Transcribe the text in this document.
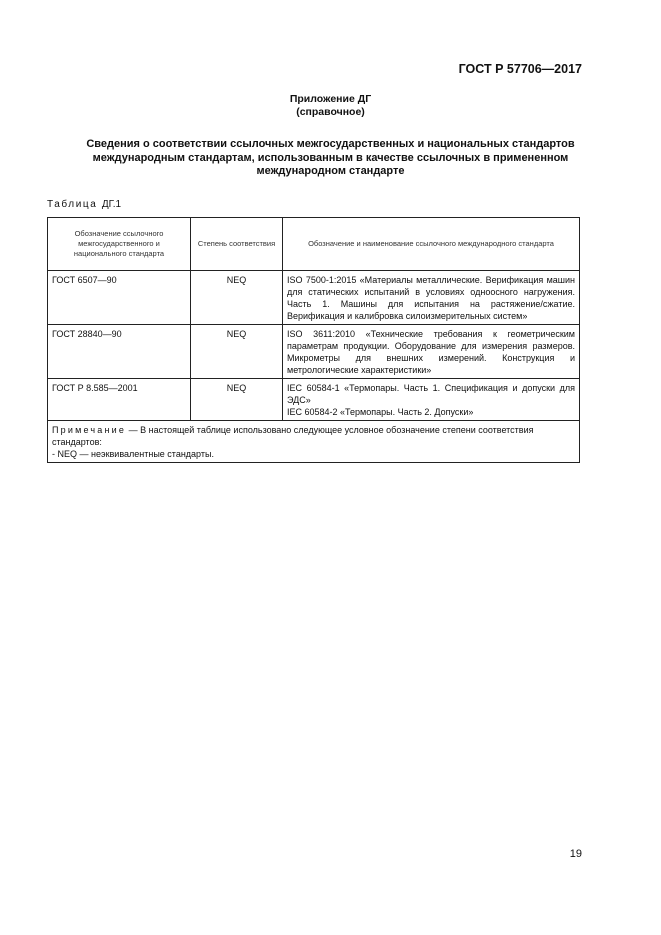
ГОСТ Р 57706—2017
Приложение ДГ
(справочное)
Сведения о соответствии ссылочных межгосударственных и национальных стандартов международным стандартам, использованным в качестве ссылочных в примененном международном стандарте
Таблица ДГ.1
Обозначение ссылочного межгосударственного и национального стандарта	Степень соответствия	Обозначение и наименование ссылочного международного стандарта
ГОСТ 6507—90	NEQ	ISO 7500-1:2015 «Материалы металлические. Верификация машин для статических испытаний в условиях одноосного нагружения. Часть 1. Машины для испытания на растяжение/сжатие. Верификация и калибровка силоизмерительных систем»

ГОСТ 28840—90	NEQ	ISO 3611:2010 «Технические требования к геометрическим параметрам продукции. Оборудование для измерения размеров. Микрометры для внешних измерений. Конструкция и метрологические характеристики»

ГОСТ Р 8.585—2001	NEQ	IEC 60584-1 «Термопары. Часть 1. Спецификация и допуски для ЭДС»
IEC 60584-2 «Термопары. Часть 2. Допуски»

Примечание — В настоящей таблице использовано следующее условное обозначение степени соответствия стандартов:
- NEQ — неэквивалентные стандарты.		
19
